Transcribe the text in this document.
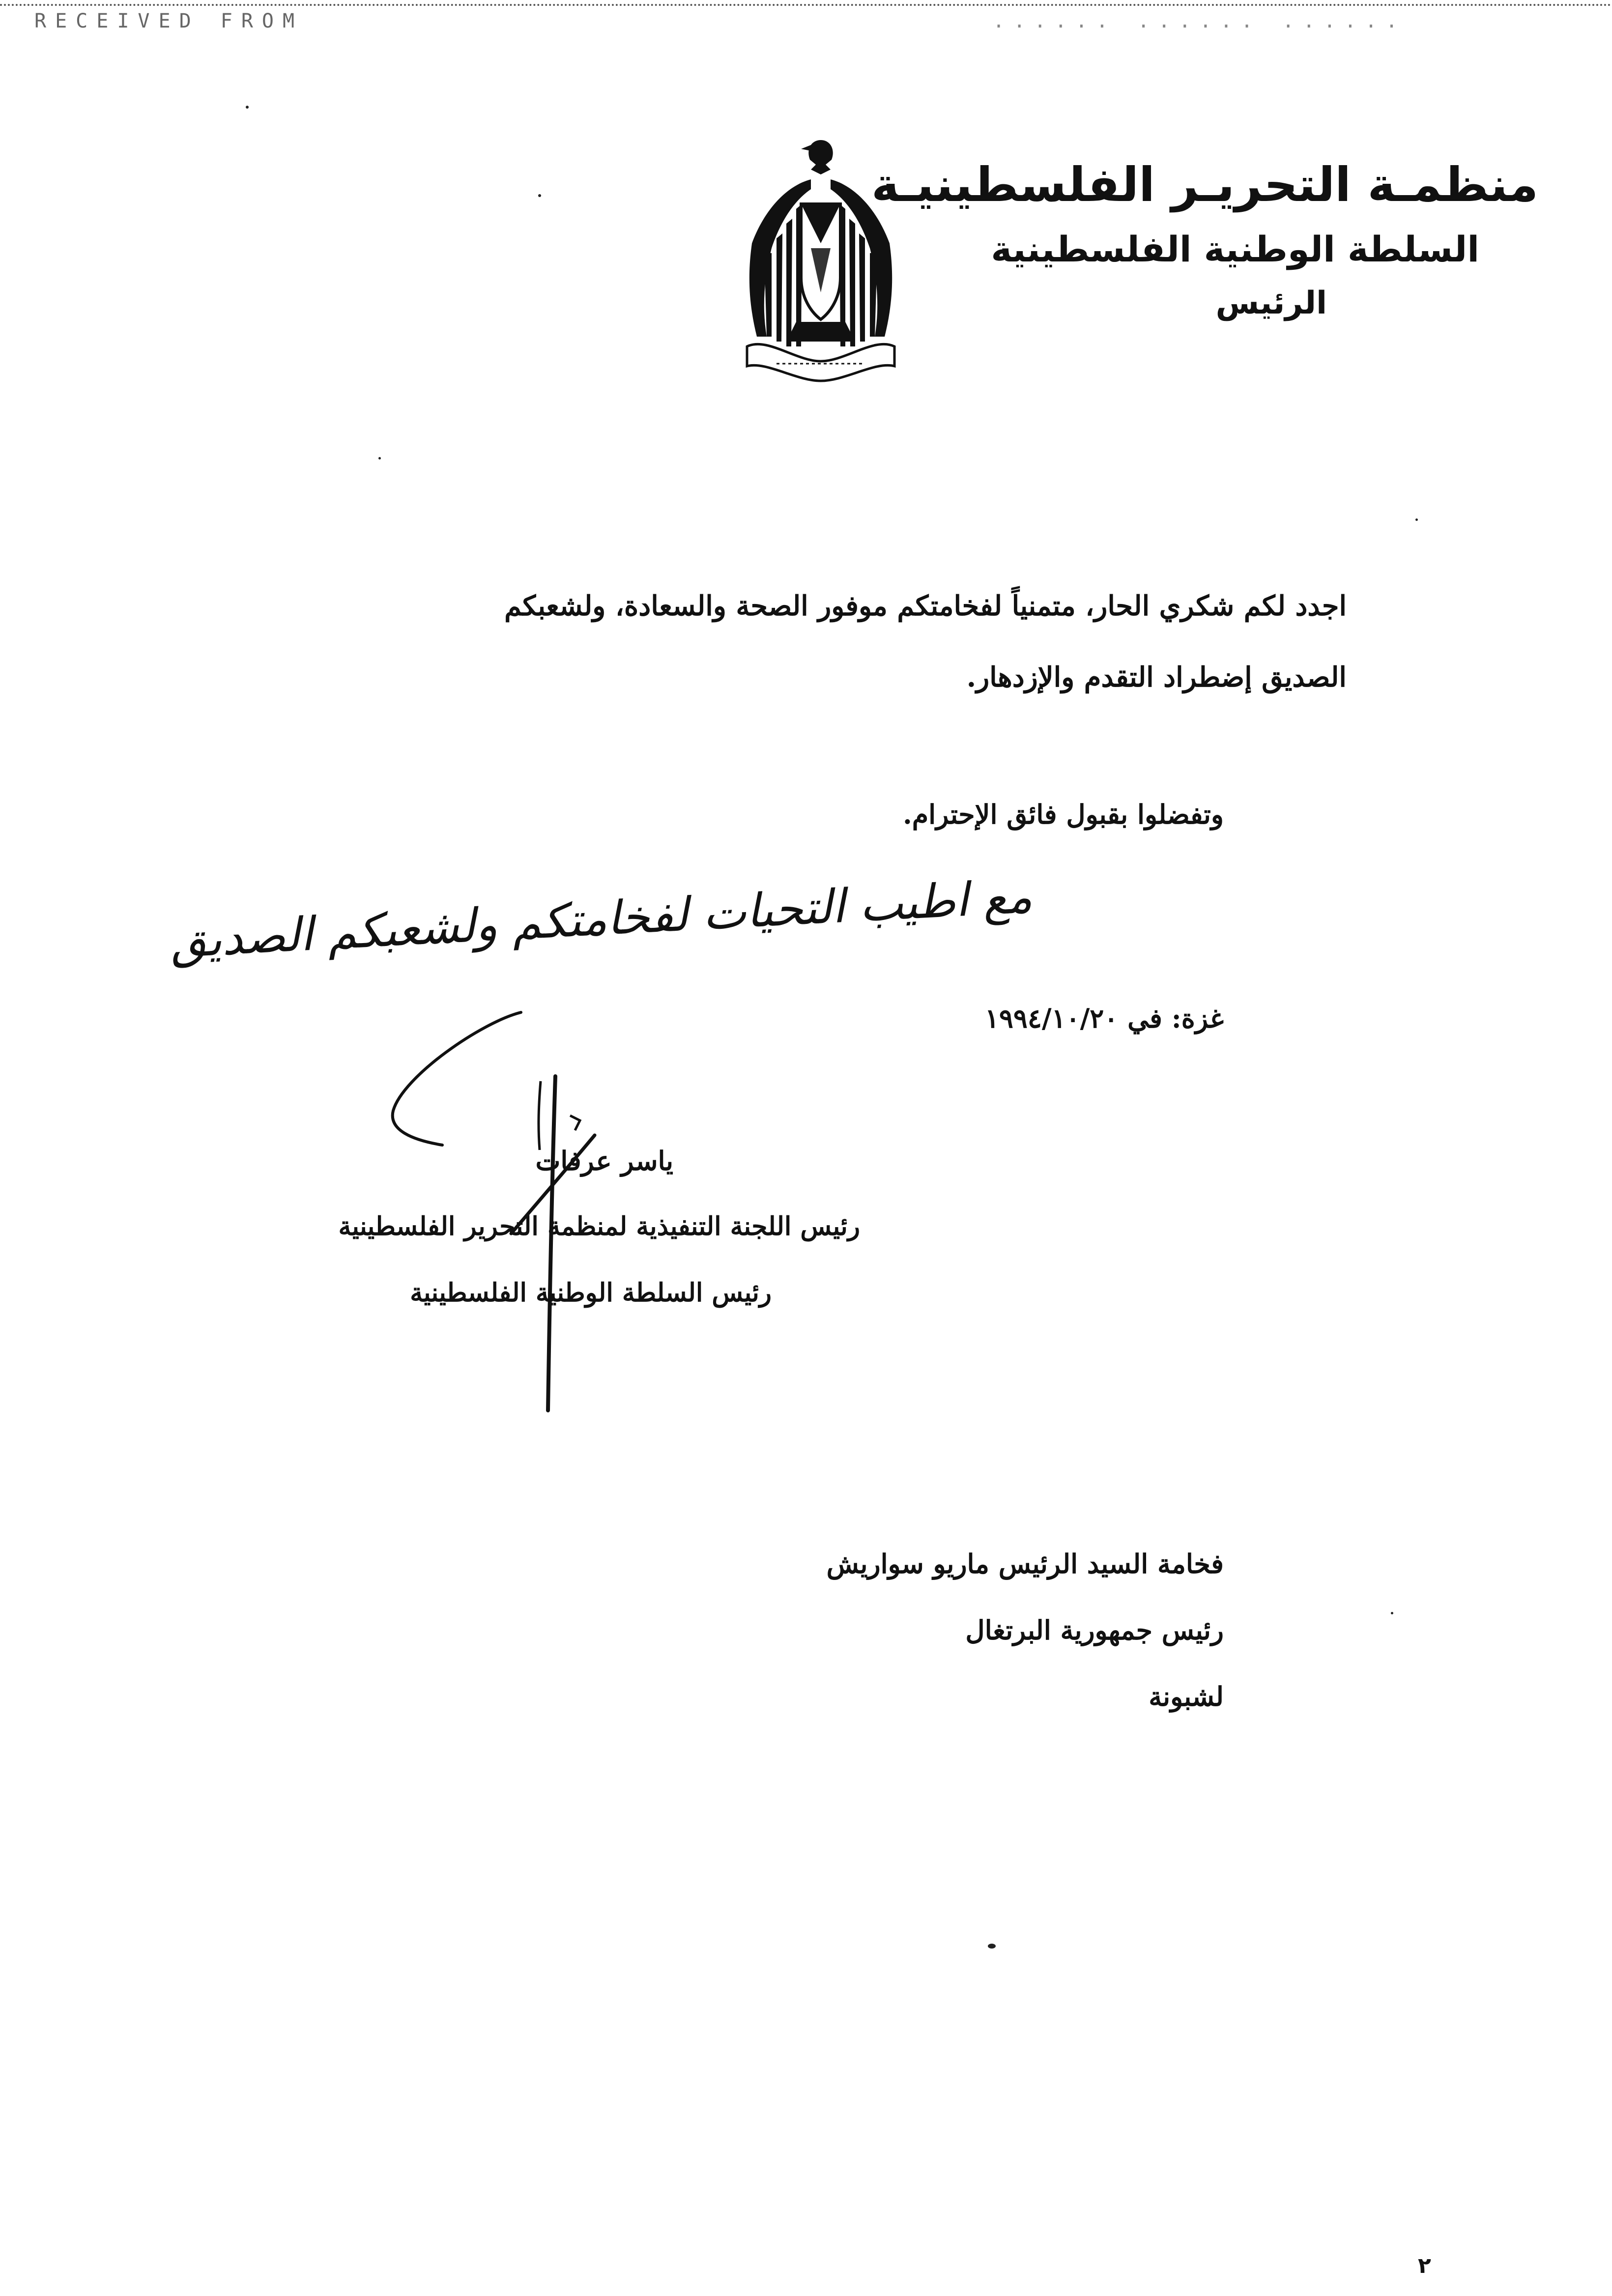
RECEIVED FROM	...... ...... ......
منظمـة التحريـر الفلسطينيـة
السلطة الوطنية الفلسطينية
الرئيس
اجدد لكم شكري الحار، متمنياً لفخامتكم موفور الصحة والسعادة، ولشعبكم
الصديق إضطراد التقدم والإزدهار.
وتفضلوا بقبول فائق الإحترام.
مع اطيب التحيات لفخامتكم ولشعبكم الصديق
غزة: في ١٩٩٤/١٠/٢٠
ياسر عرفات
رئيس اللجنة التنفيذية لمنظمة التحرير الفلسطينية
رئيس السلطة الوطنية الفلسطينية
فخامة السيد الرئيس ماريو سواريش
رئيس جمهورية البرتغال
لشبونة
٢
